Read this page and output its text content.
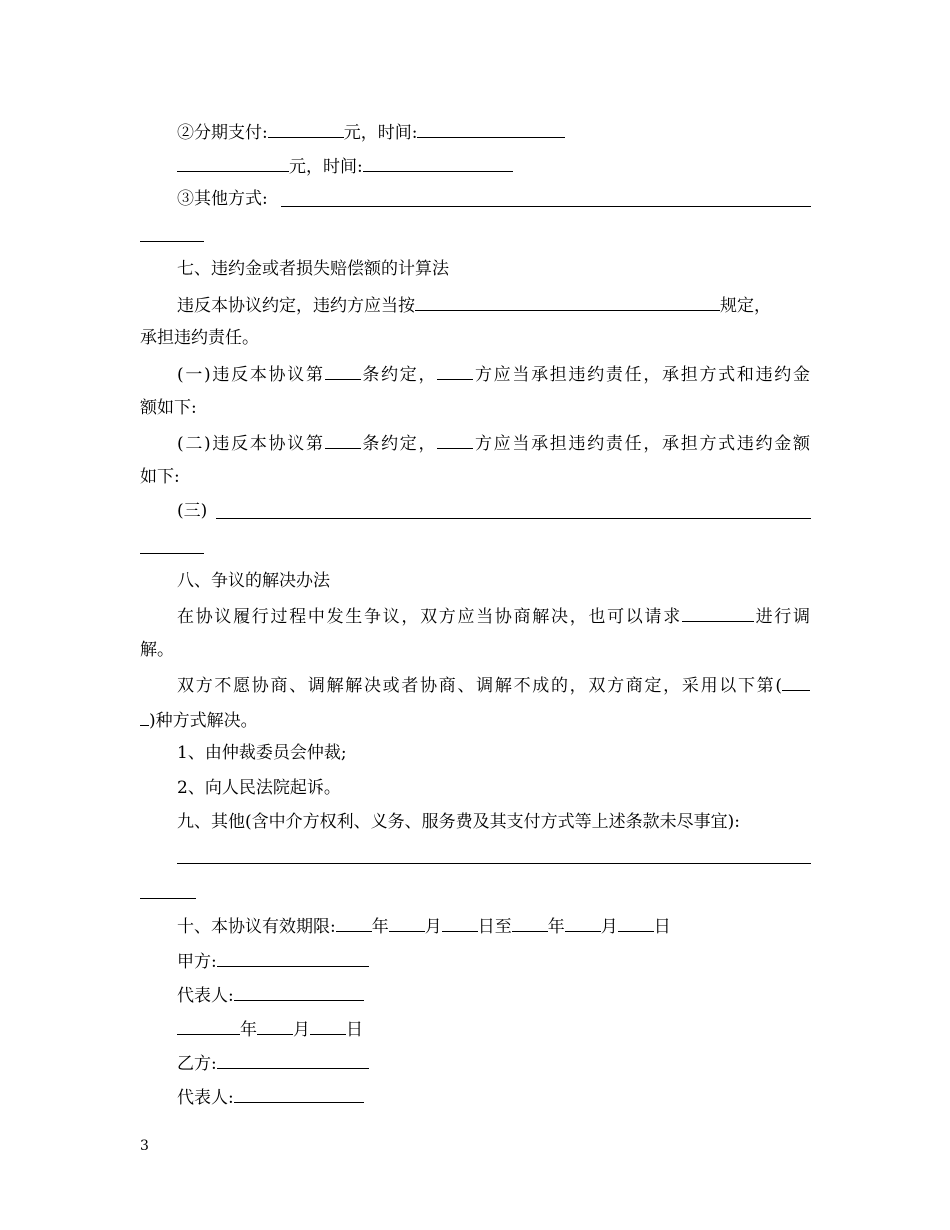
②分期支付:	元，时间:
元，时间:
③其他方式:
七、违约金或者损失赔偿额的计算法
违反本协议约定，违约方应当按	规定，
承担违约责任。
(一)违反本协议第 条约定， 方应当承担违约责任，承担方式和违约金
额如下:
(二)违反本协议第 条约定， 方应当承担违约责任，承担方式违约金额
如下:
(三)
八、争议的解决办法
在协议履行过程中发生争议，双方应当协商解决，也可以请求	进行调
解。
双方不愿协商、调解解决或者协商、调解不成的，双方商定，采用以下第(
)种方式解决。
1、由仲裁委员会仲裁;
2、向人民法院起诉。
九、其他(含中介方权利、义务、服务费及其支付方式等上述条款未尽事宜):
十、本协议有效期限: 年 月 日至 年 月 日
甲方:
代表人:
年 月 日
乙方:
代表人:
3
